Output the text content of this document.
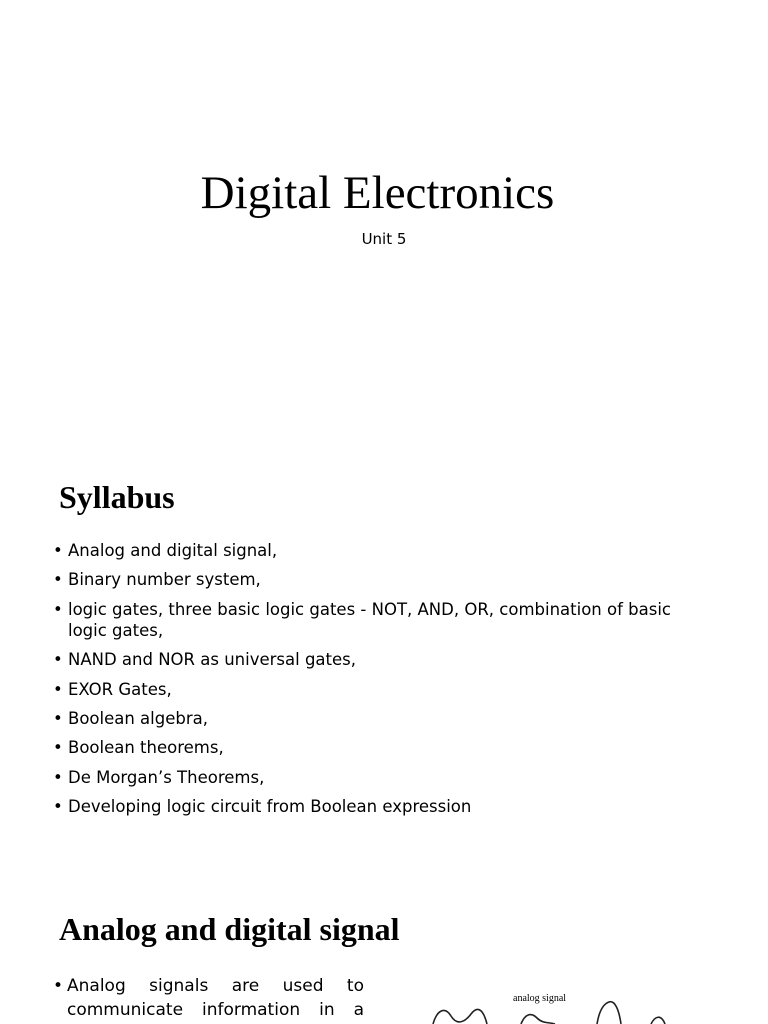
Digital Electronics

Unit 5

Syllabus
• Analog and digital signal,
• Binary number system,
• logic gates, three basic logic gates - NOT, AND, OR, combination of basic logic gates,
• NAND and NOR as universal gates,
• EXOR Gates,
• Boolean algebra,
• Boolean theorems,
• De Morgan’s Theorems,
• Developing logic circuit from Boolean expression
Analog and digital signal
• Analog signals are used to
communicate information in a

analog signal
